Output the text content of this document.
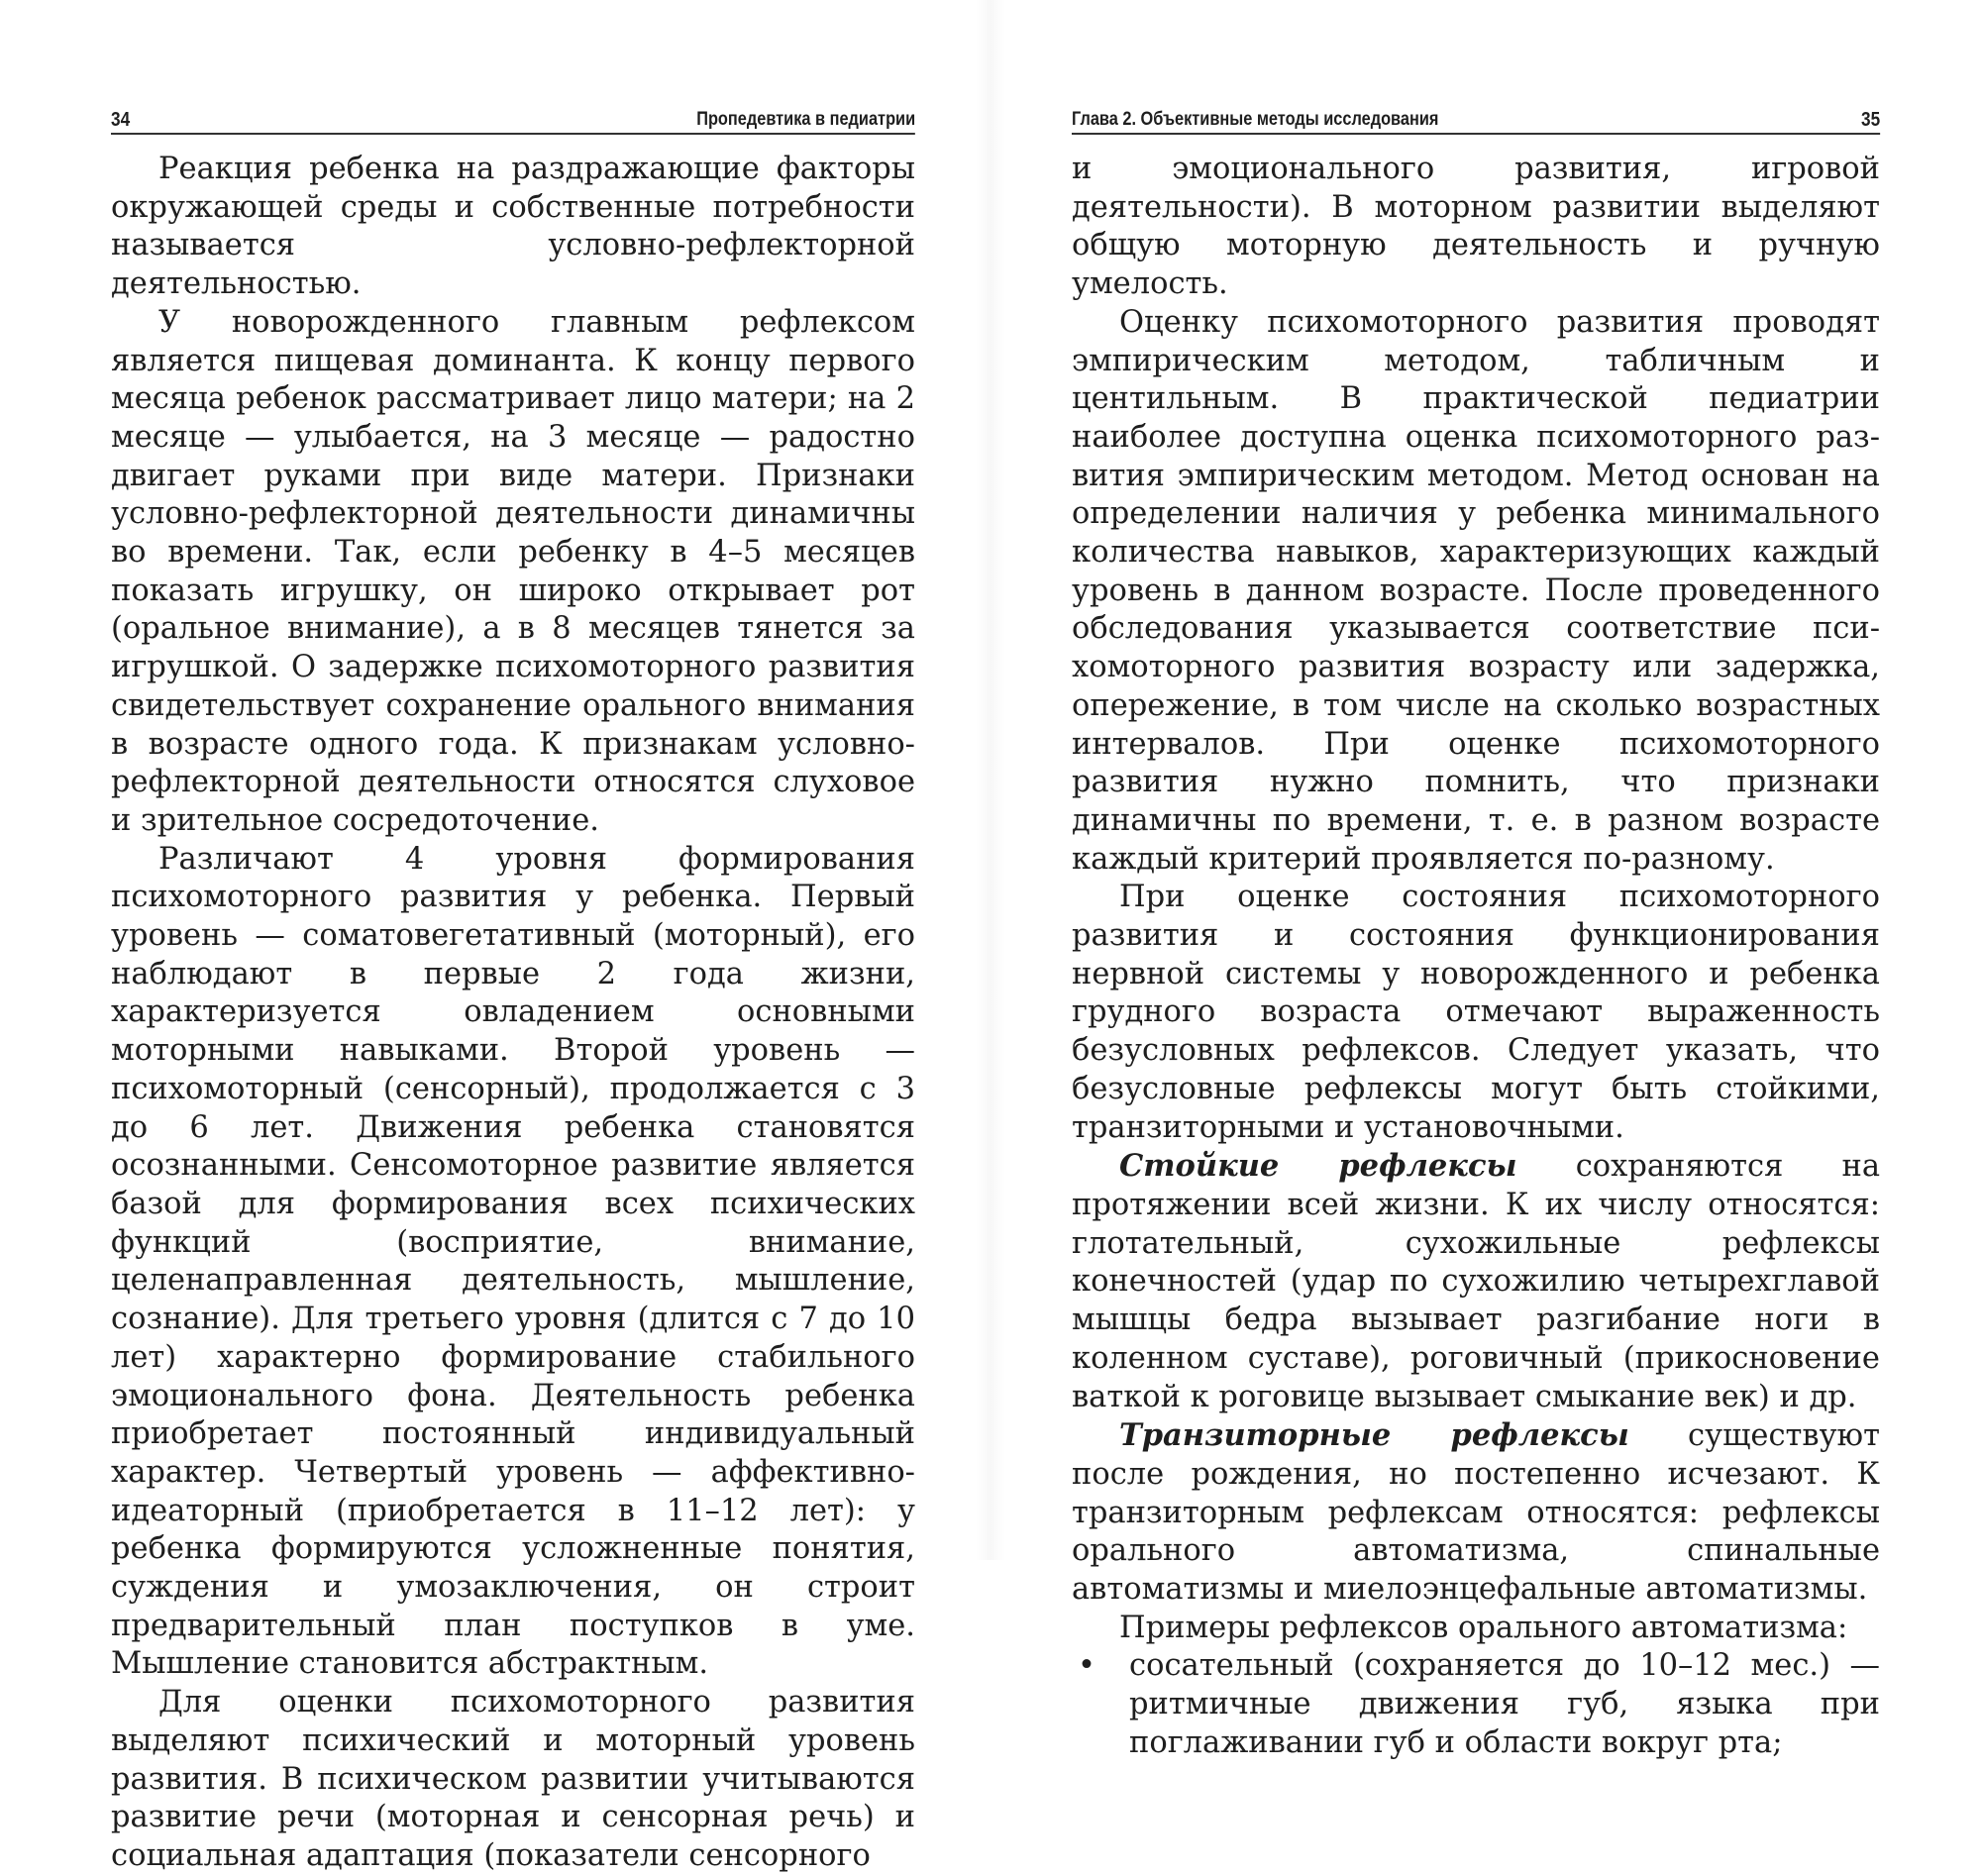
34	Пропедевтика в педиатрии

Реакция ребенка на раздражающие факторы окружающей среды и собственные потребности называется условно-рефлекторной деятельностью.

У новорожденного главным рефлексом является пищевая доминанта. К концу первого месяца ребенок рассматривает лицо матери; на 2 месяце — улыбается, на 3 месяце — радостно двигает руками при виде матери. Признаки условно-рефлекторной деятельности динамичны во времени. Так, если ребенку в 4–5 месяцев показать игрушку, он широко открывает рот (оральное внимание), а в 8 месяцев тянется за игрушкой. О задержке психомоторного развития свидетельствует сохранение орального внимания в возрасте одного года. К признакам условно-рефлекторной деятельности относятся слуховое и зрительное сосредоточение.

Различают 4 уровня формирования психомоторного развития у ребенка. Первый уровень — соматовегетативный (моторный), его наблюдают в первые 2 года жизни, характеризуется овладением основными моторными навыками. Второй уровень — психомоторный (сенсорный), продолжается с 3 до 6 лет. Движения ребенка становятся осознанными. Сенсомоторное развитие является базой для формирования всех психических функций (восприятие, внимание, целенаправленная деятельность, мышление, сознание). Для третьего уровня (длится с 7 до 10 лет) характерно формирование стабильного эмоционального фона. Деятельность ребенка приобретает постоянный индивидуальный характер. Четвертый уровень — аффективно-идеаторный (приобретается в 11–12 лет): у ребенка формируются усложненные понятия, суждения и умозаключения, он строит предварительный план поступков в уме. Мышление становится абстрактным.

Для оценки психомоторного развития выделяют психический и моторный уровень развития. В психическом развитии учитываются развитие речи (моторная и сенсорная речь) и социальная адаптация (показатели сенсорного

Глава 2. Объективные методы исследования	35

и эмоционального развития, игровой деятельности). В моторном развитии выделяют общую моторную деятельность и ручную умелость.

Оценку психомоторного развития проводят эмпирическим методом, табличным и центильным. В практической педиатрии наиболее доступна оценка психомоторного развития эмпирическим методом. Метод основан на определении наличия у ребенка минимального количества навыков, характеризующих каждый уровень в данном возрасте. После проведенного обследования указывается соответствие психомоторного развития возрасту или задержка, опережение, в том числе на сколько возрастных интервалов. При оценке психомоторного развития нужно помнить, что признаки динамичны по времени, т. е. в разном возрасте каждый критерий проявляется по-разному.

При оценке состояния психомоторного развития и состояния функционирования нервной системы у новорожденного и ребенка грудного возраста отмечают выраженность безусловных рефлексов. Следует указать, что безусловные рефлексы могут быть стойкими, транзиторными и установочными.

Стойкие рефлексы сохраняются на протяжении всей жизни. К их числу относятся: глотательный, сухожильные рефлексы конечностей (удар по сухожилию четырехглавой мышцы бедра вызывает разгибание ноги в коленном суставе), роговичный (прикосновение ваткой к роговице вызывает смыкание век) и др.

Транзиторные рефлексы существуют после рождения, но постепенно исчезают. К транзиторным рефлексам относятся: рефлексы орального автоматизма, спинальные автоматизмы и миелоэнцефальные автоматизмы.

Примеры рефлексов орального автоматизма:

• сосательный (сохраняется до 10–12 мес.) — ритмичные движения губ, языка при поглаживании губ и области вокруг рта;
